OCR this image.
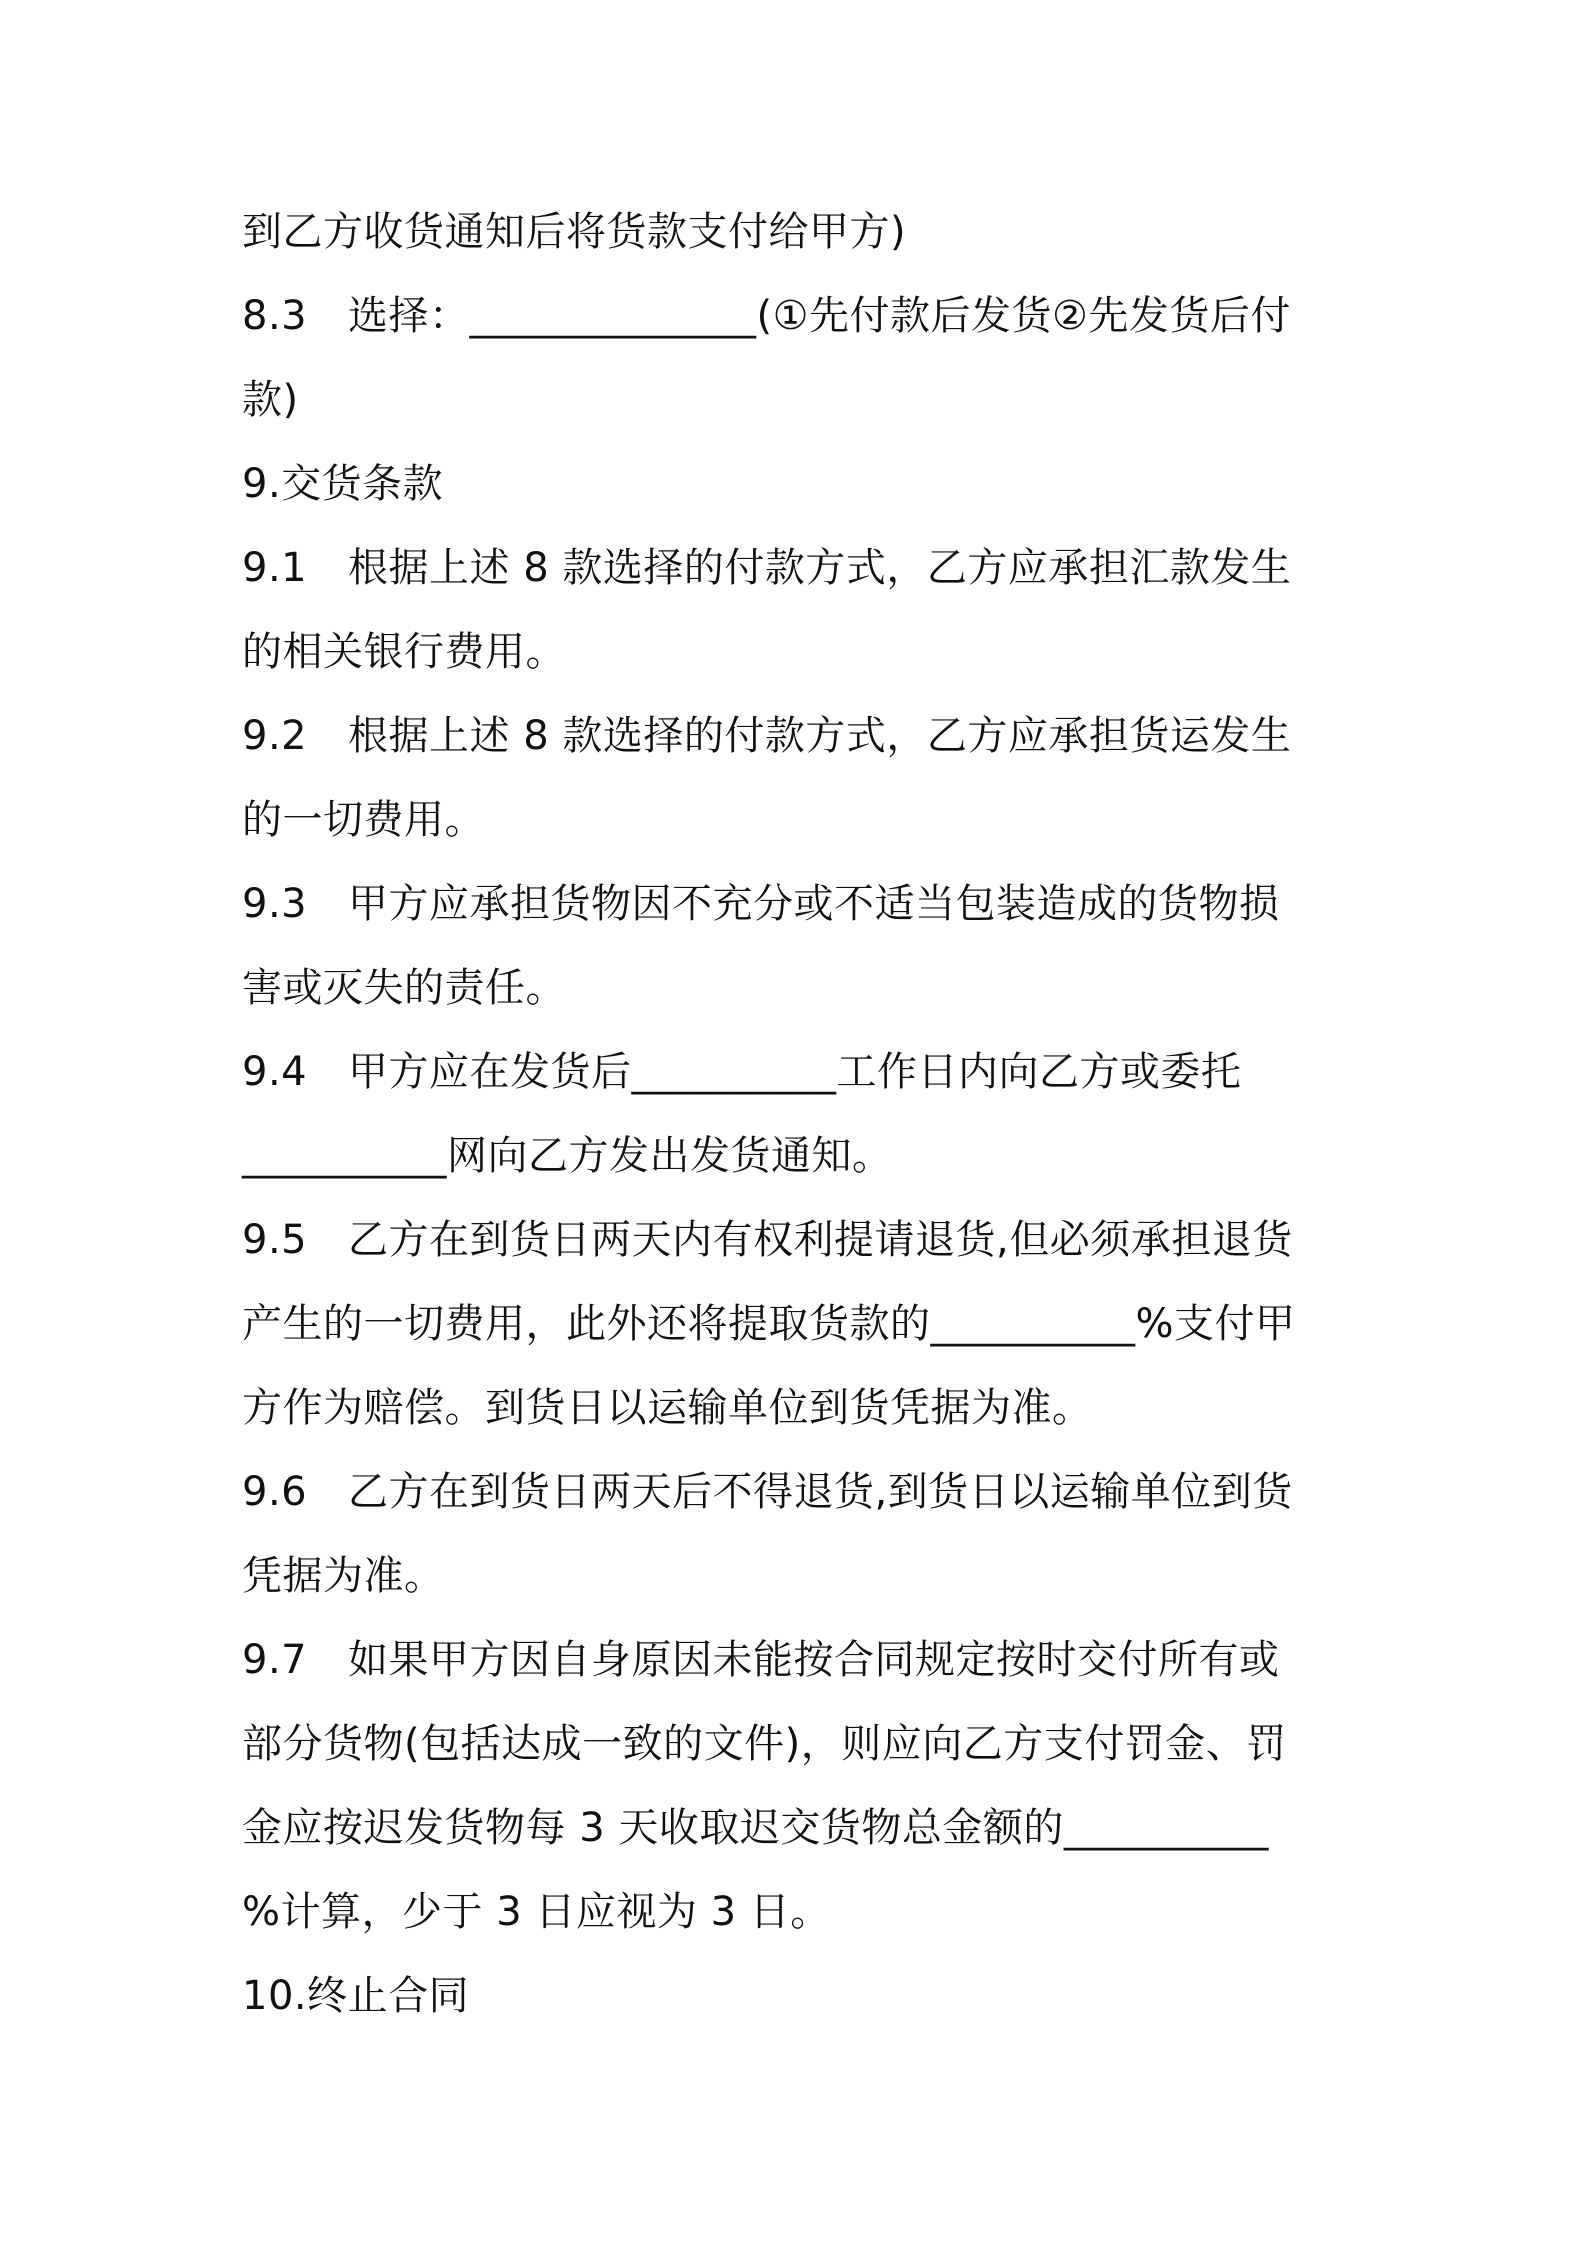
到乙方收货通知后将货款支付给甲方)
8.3 选择：______________(①先付款后发货②先发货后付
款)
9.交货条款
9.1 根据上述 8 款选择的付款方式，乙方应承担汇款发生
的相关银行费用。
9.2 根据上述 8 款选择的付款方式，乙方应承担货运发生
的一切费用。
9.3 甲方应承担货物因不充分或不适当包装造成的货物损
害或灭失的责任。
9.4 甲方应在发货后__________工作日内向乙方或委托
__________网向乙方发出发货通知。
9.5 乙方在到货日两天内有权利提请退货,但必须承担退货
产生的一切费用，此外还将提取货款的__________%支付甲
方作为赔偿。到货日以运输单位到货凭据为准。
9.6 乙方在到货日两天后不得退货,到货日以运输单位到货
凭据为准。
9.7 如果甲方因自身原因未能按合同规定按时交付所有或
部分货物(包括达成一致的文件)，则应向乙方支付罚金、罚
金应按迟发货物每 3 天收取迟交货物总金额的__________
%计算，少于 3 日应视为 3 日。
10.终止合同
